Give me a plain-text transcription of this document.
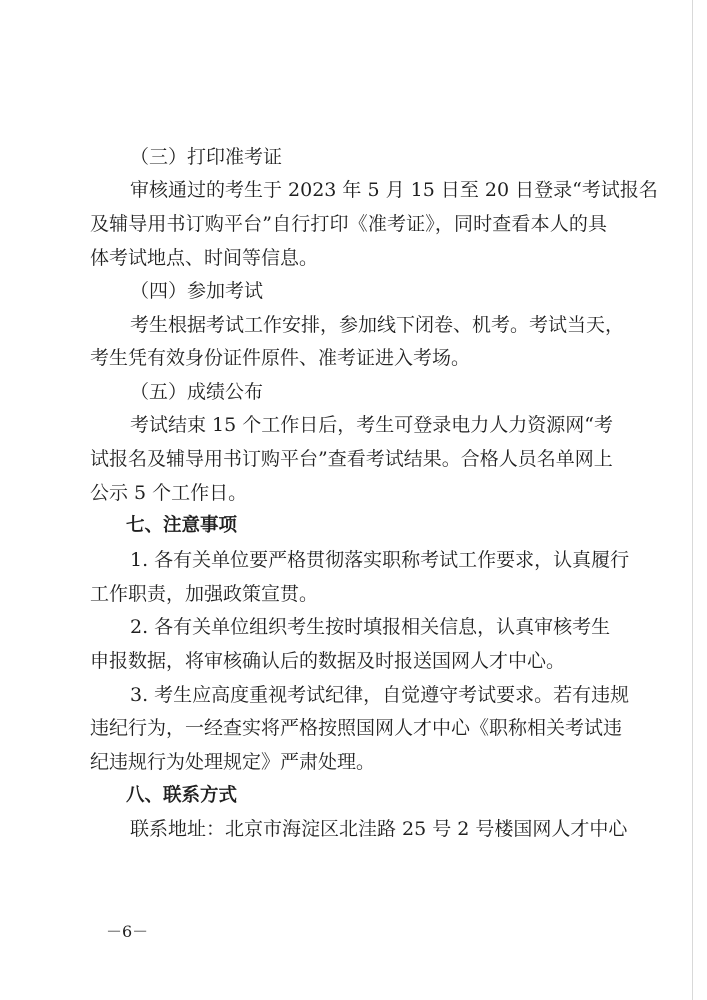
（三）打印准考证
审核通过的考生于 2023 年 5 月 15 日至 20 日登录“考试报名
及辅导用书订购平台”自行打印《准考证》，同时查看本人的具
体考试地点、时间等信息。
（四）参加考试
考生根据考试工作安排，参加线下闭卷、机考。考试当天，
考生凭有效身份证件原件、准考证进入考场。
（五）成绩公布
考试结束 15 个工作日后，考生可登录电力人力资源网“考
试报名及辅导用书订购平台”查看考试结果。合格人员名单网上
公示 5 个工作日。
七、注意事项
1. 各有关单位要严格贯彻落实职称考试工作要求，认真履行
工作职责，加强政策宣贯。
2. 各有关单位组织考生按时填报相关信息，认真审核考生
申报数据，将审核确认后的数据及时报送国网人才中心。
3. 考生应高度重视考试纪律，自觉遵守考试要求。若有违规
违纪行为，一经查实将严格按照国网人才中心《职称相关考试违
纪违规行为处理规定》严肃处理。
八、联系方式
联系地址：北京市海淀区北洼路 25 号 2 号楼国网人才中心
－6－
